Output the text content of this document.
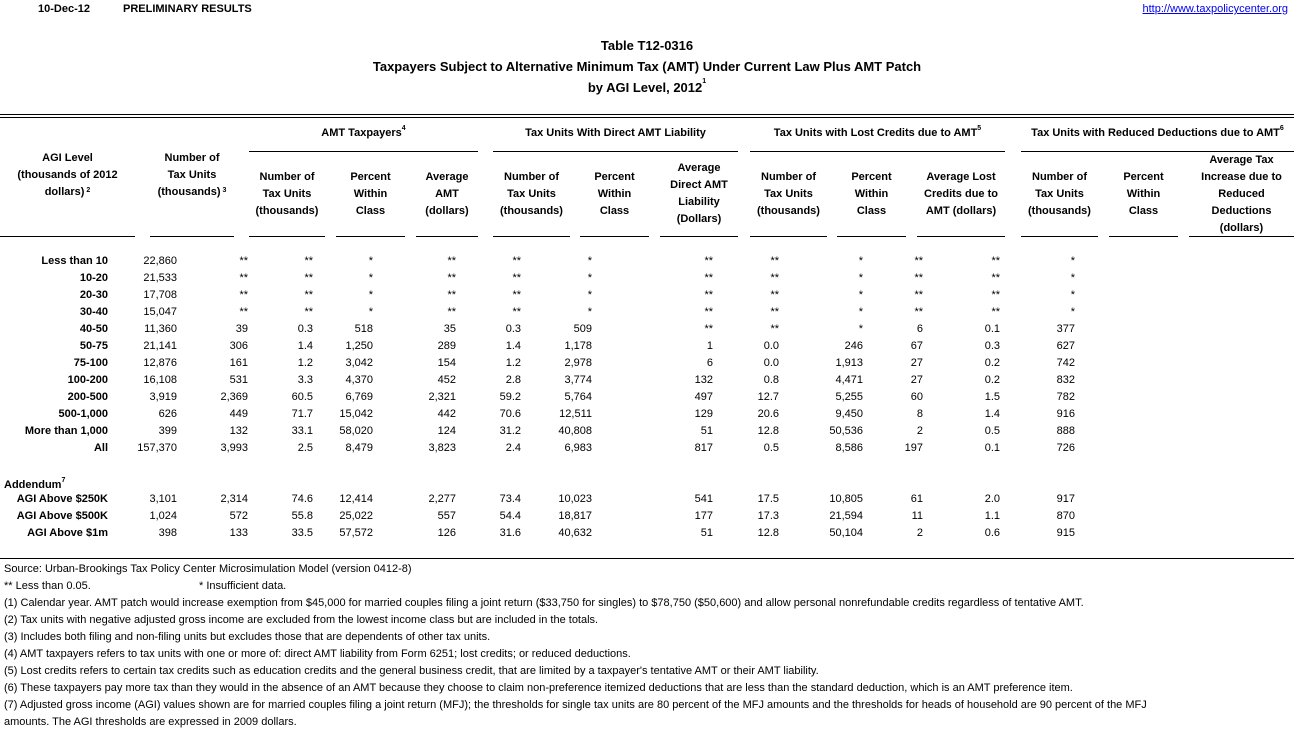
10-Dec-12	PRELIMINARY RESULTS	http://www.taxpolicycenter.org
Table T12-0316
Taxpayers Subject to Alternative Minimum Tax (AMT) Under Current Law Plus AMT Patch
by AGI Level, 2012$^1$
AMT Taxpayers$^4$	Tax Units With Direct AMT Liability	Tax Units with Lost Credits due to AMT$^5$	Tax Units with Reduced Deductions due to AMT$^6$
AGI Level
(thousands of 2012
dollars) $^2$
Number of
Tax Units
(thousands) $^3$
Number of
Tax Units
(thousands)
Percent
Within
Class
Average
AMT
(dollars)
Number of
Tax Units
(thousands)
Percent
Within
Class
Average
Direct AMT
Liability
(Dollars)
Number of
Tax Units
(thousands)
Percent
Within
Class
Average Lost
Credits due to
AMT (dollars)
Number of
Tax Units
(thousands)
Percent
Within
Class
Average Tax
Increase due to
Reduced
Deductions
(dollars)
Less than 10	22,860	**	**	*	**	**	*	**	**	*	**	**	*
10-20	21,533	**	**	*	**	**	*	**	**	*	**	**	*
20-30	17,708	**	**	*	**	**	*	**	**	*	**	**	*
30-40	15,047	**	**	*	**	**	*	**	**	*	**	**	*
40-50	11,360	39	0.3	518	35	0.3	509	**	**	*	6	0.1	377
50-75	21,141	306	1.4	1,250	289	1.4	1,178	1	0.0	246	67	0.3	627
75-100	12,876	161	1.2	3,042	154	1.2	2,978	6	0.0	1,913	27	0.2	742
100-200	16,108	531	3.3	4,370	452	2.8	3,774	132	0.8	4,471	27	0.2	832
200-500	3,919	2,369	60.5	6,769	2,321	59.2	5,764	497	12.7	5,255	60	1.5	782
500-1,000	626	449	71.7	15,042	442	70.6	12,511	129	20.6	9,450	8	1.4	916
More than 1,000	399	132	33.1	58,020	124	31.2	40,808	51	12.8	50,536	2	0.5	888
All	157,370	3,993	2.5	8,479	3,823	2.4	6,983	817	0.5	8,586	197	0.1	726
Addendum$^7$
AGI Above $250K	3,101	2,314	74.6	12,414	2,277	73.4	10,023	541	17.5	10,805	61	2.0	917
AGI Above $500K	1,024	572	55.8	25,022	557	54.4	18,817	177	17.3	21,594	11	1.1	870
AGI Above $1m	398	133	33.5	57,572	126	31.6	40,632	51	12.8	50,104	2	0.6	915
Source: Urban-Brookings Tax Policy Center Microsimulation Model (version 0412-8)
** Less than 0.05.	* Insufficient data.
(1) Calendar year. AMT patch would increase exemption from $45,000 for married couples filing a joint return ($33,750 for singles) to $78,750 ($50,600) and allow personal nonrefundable credits regardless of tentative AMT.
(2) Tax units with negative adjusted gross income are excluded from the lowest income class but are included in the totals.
(3) Includes both filing and non-filing units but excludes those that are dependents of other tax units.
(4) AMT taxpayers refers to tax units with one or more of: direct AMT liability from Form 6251; lost credits; or reduced deductions.
(5) Lost credits refers to certain tax credits such as education credits and the general business credit, that are limited by a taxpayer's tentative AMT or their AMT liability.
(6) These taxpayers pay more tax than they would in the absence of an AMT because they choose to claim non-preference itemized deductions that are less than the standard deduction, which is an AMT preference item.
(7) Adjusted gross income (AGI) values shown are for married couples filing a joint return (MFJ); the thresholds for single tax units are 80 percent of the MFJ amounts and the thresholds for heads of household are 90 percent of the MFJ
amounts. The AGI thresholds are expressed in 2009 dollars.
